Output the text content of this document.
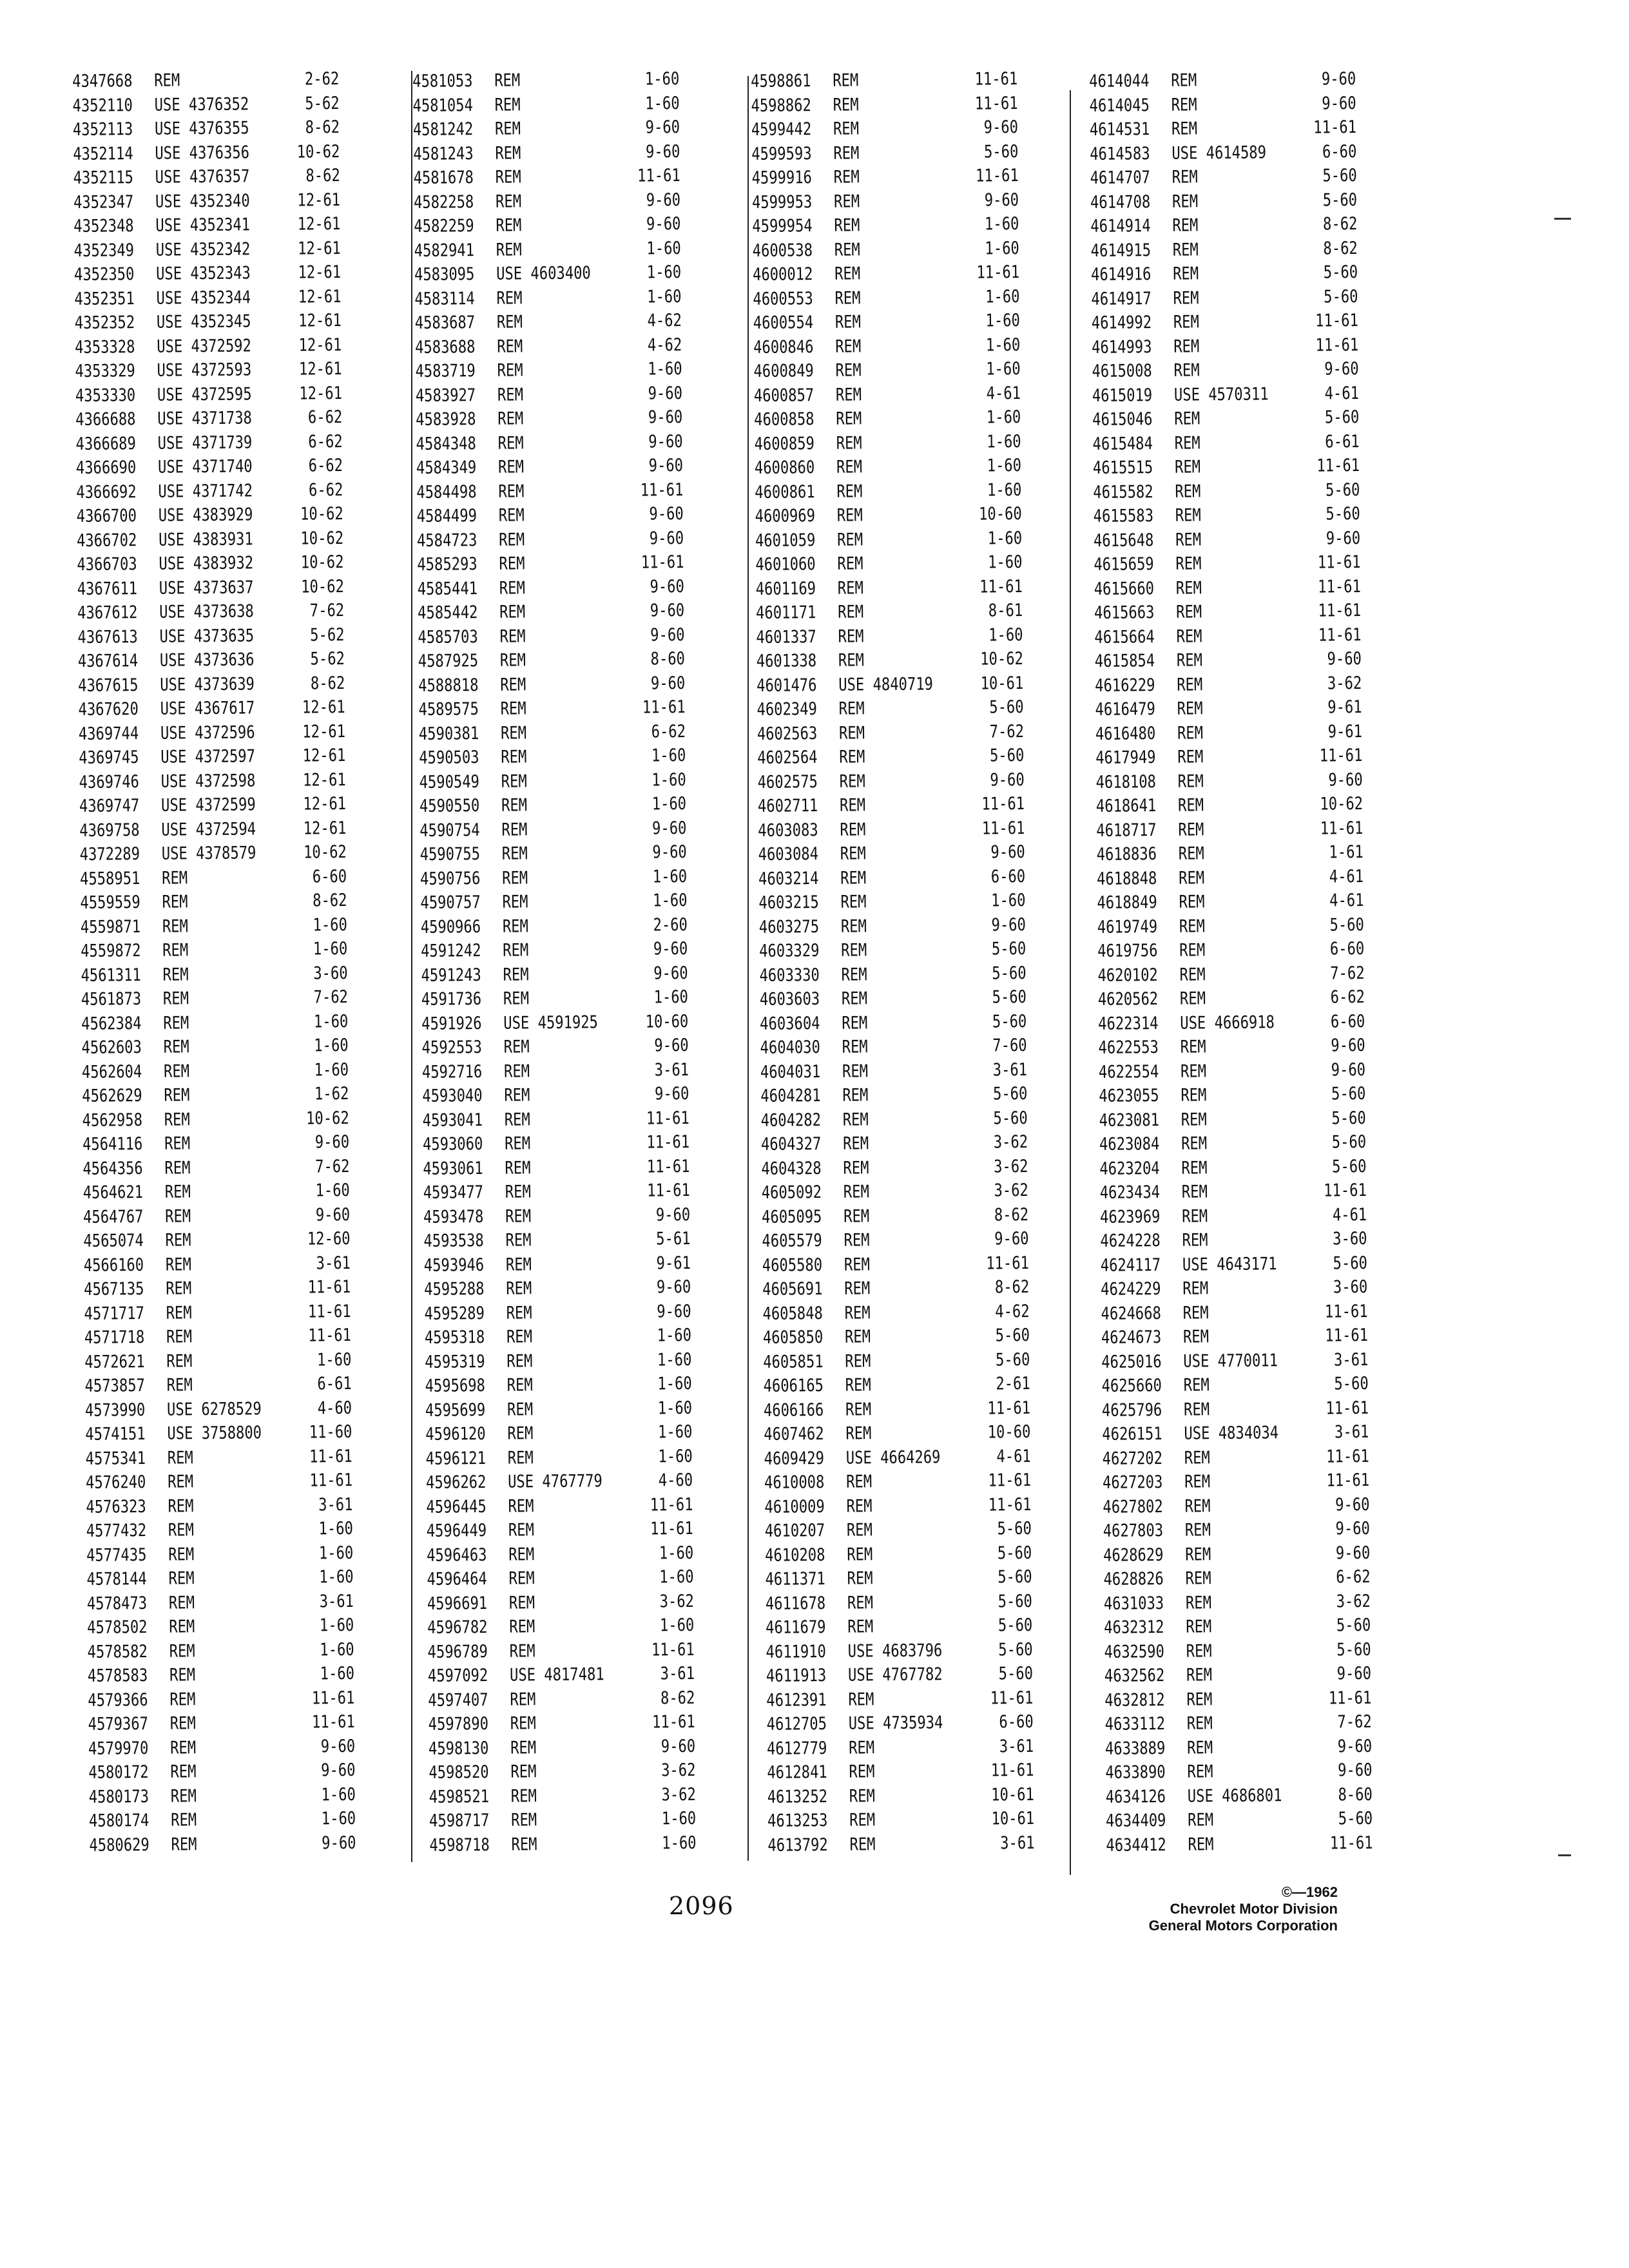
4347668 REM	2-62
4352110 USE 4376352	5-62
4352113 USE 4376355	8-62
4352114 USE 4376356	10-62
4352115 USE 4376357	8-62
4352347 USE 4352340	12-61
4352348 USE 4352341	12-61
4352349 USE 4352342	12-61
4352350 USE 4352343	12-61
4352351 USE 4352344	12-61
4352352 USE 4352345	12-61
4353328 USE 4372592	12-61
4353329 USE 4372593	12-61
4353330 USE 4372595	12-61
4366688 USE 4371738	6-62
4366689 USE 4371739	6-62
4366690 USE 4371740	6-62
4366692 USE 4371742	6-62
4366700 USE 4383929	10-62
4366702 USE 4383931	10-62
4366703 USE 4383932	10-62
4367611 USE 4373637	10-62
4367612 USE 4373638	7-62
4367613 USE 4373635	5-62
4367614 USE 4373636	5-62
4367615 USE 4373639	8-62
4367620 USE 4367617	12-61
4369744 USE 4372596	12-61
4369745 USE 4372597	12-61
4369746 USE 4372598	12-61
4369747 USE 4372599	12-61
4369758 USE 4372594	12-61
4372289 USE 4378579	10-62
4558951 REM	6-60
4559559 REM	8-62
4559871 REM	1-60
4559872 REM	1-60
4561311 REM	3-60
4561873 REM	7-62
4562384 REM	1-60
4562603 REM	1-60
4562604 REM	1-60
4562629 REM	1-62
4562958 REM	10-62
4564116 REM	9-60
4564356 REM	7-62
4564621 REM	1-60
4564767 REM	9-60
4565074 REM	12-60
4566160 REM	3-61
4567135 REM	11-61
4571717 REM	11-61
4571718 REM	11-61
4572621 REM	1-60
4573857 REM	6-61
4573990 USE 6278529	4-60
4574151 USE 3758800	11-60
4575341 REM	11-61
4576240 REM	11-61
4576323 REM	3-61
4577432 REM	1-60
4577435 REM	1-60
4578144 REM	1-60
4578473 REM	3-61
4578502 REM	1-60
4578582 REM	1-60
4578583 REM	1-60
4579366 REM	11-61
4579367 REM	11-61
4579970 REM	9-60
4580172 REM	9-60
4580173 REM	1-60
4580174 REM	1-60
4580629 REM	9-60
4581053 REM	1-60
4581054 REM	1-60
4581242 REM	9-60
4581243 REM	9-60
4581678 REM	11-61
4582258 REM	9-60
4582259 REM	9-60
4582941 REM	1-60
4583095 USE 4603400	1-60
4583114 REM	1-60
4583687 REM	4-62
4583688 REM	4-62
4583719 REM	1-60
4583927 REM	9-60
4583928 REM	9-60
4584348 REM	9-60
4584349 REM	9-60
4584498 REM	11-61
4584499 REM	9-60
4584723 REM	9-60
4585293 REM	11-61
4585441 REM	9-60
4585442 REM	9-60
4585703 REM	9-60
4587925 REM	8-60
4588818 REM	9-60
4589575 REM	11-61
4590381 REM	6-62
4590503 REM	1-60
4590549 REM	1-60
4590550 REM	1-60
4590754 REM	9-60
4590755 REM	9-60
4590756 REM	1-60
4590757 REM	1-60
4590966 REM	2-60
4591242 REM	9-60
4591243 REM	9-60
4591736 REM	1-60
4591926 USE 4591925	10-60
4592553 REM	9-60
4592716 REM	3-61
4593040 REM	9-60
4593041 REM	11-61
4593060 REM	11-61
4593061 REM	11-61
4593477 REM	11-61
4593478 REM	9-60
4593538 REM	5-61
4593946 REM	9-61
4595288 REM	9-60
4595289 REM	9-60
4595318 REM	1-60
4595319 REM	1-60
4595698 REM	1-60
4595699 REM	1-60
4596120 REM	1-60
4596121 REM	1-60
4596262 USE 4767779	4-60
4596445 REM	11-61
4596449 REM	11-61
4596463 REM	1-60
4596464 REM	1-60
4596691 REM	3-62
4596782 REM	1-60
4596789 REM	11-61
4597092 USE 4817481	3-61
4597407 REM	8-62
4597890 REM	11-61
4598130 REM	9-60
4598520 REM	3-62
4598521 REM	3-62
4598717 REM	1-60
4598718 REM	1-60
4598861 REM	11-61
4598862 REM	11-61
4599442 REM	9-60
4599593 REM	5-60
4599916 REM	11-61
4599953 REM	9-60
4599954 REM	1-60
4600538 REM	1-60
4600012 REM	11-61
4600553 REM	1-60
4600554 REM	1-60
4600846 REM	1-60
4600849 REM	1-60
4600857 REM	4-61
4600858 REM	1-60
4600859 REM	1-60
4600860 REM	1-60
4600861 REM	1-60
4600969 REM	10-60
4601059 REM	1-60
4601060 REM	1-60
4601169 REM	11-61
4601171 REM	8-61
4601337 REM	1-60
4601338 REM	10-62
4601476 USE 4840719	10-61
4602349 REM	5-60
4602563 REM	7-62
4602564 REM	5-60
4602575 REM	9-60
4602711 REM	11-61
4603083 REM	11-61
4603084 REM	9-60
4603214 REM	6-60
4603215 REM	1-60
4603275 REM	9-60
4603329 REM	5-60
4603330 REM	5-60
4603603 REM	5-60
4603604 REM	5-60
4604030 REM	7-60
4604031 REM	3-61
4604281 REM	5-60
4604282 REM	5-60
4604327 REM	3-62
4604328 REM	3-62
4605092 REM	3-62
4605095 REM	8-62
4605579 REM	9-60
4605580 REM	11-61
4605691 REM	8-62
4605848 REM	4-62
4605850 REM	5-60
4605851 REM	5-60
4606165 REM	2-61
4606166 REM	11-61
4607462 REM	10-60
4609429 USE 4664269	4-61
4610008 REM	11-61
4610009 REM	11-61
4610207 REM	5-60
4610208 REM	5-60
4611371 REM	5-60
4611678 REM	5-60
4611679 REM	5-60
4611910 USE 4683796	5-60
4611913 USE 4767782	5-60
4612391 REM	11-61
4612705 USE 4735934	6-60
4612779 REM	3-61
4612841 REM	11-61
4613252 REM	10-61
4613253 REM	10-61
4613792 REM	3-61
4614044 REM	9-60
4614045 REM	9-60
4614531 REM	11-61
4614583 USE 4614589	6-60
4614707 REM	5-60
4614708 REM	5-60
4614914 REM	8-62
4614915 REM	8-62
4614916 REM	5-60
4614917 REM	5-60
4614992 REM	11-61
4614993 REM	11-61
4615008 REM	9-60
4615019 USE 4570311	4-61
4615046 REM	5-60
4615484 REM	6-61
4615515 REM	11-61
4615582 REM	5-60
4615583 REM	5-60
4615648 REM	9-60
4615659 REM	11-61
4615660 REM	11-61
4615663 REM	11-61
4615664 REM	11-61
4615854 REM	9-60
4616229 REM	3-62
4616479 REM	9-61
4616480 REM	9-61
4617949 REM	11-61
4618108 REM	9-60
4618641 REM	10-62
4618717 REM	11-61
4618836 REM	1-61
4618848 REM	4-61
4618849 REM	4-61
4619749 REM	5-60
4619756 REM	6-60
4620102 REM	7-62
4620562 REM	6-62
4622314 USE 4666918	6-60
4622553 REM	9-60
4622554 REM	9-60
4623055 REM	5-60
4623081 REM	5-60
4623084 REM	5-60
4623204 REM	5-60
4623434 REM	11-61
4623969 REM	4-61
4624228 REM	3-60
4624117 USE 4643171	5-60
4624229 REM	3-60
4624668 REM	11-61
4624673 REM	11-61
4625016 USE 4770011	3-61
4625660 REM	5-60
4625796 REM	11-61
4626151 USE 4834034	3-61
4627202 REM	11-61
4627203 REM	11-61
4627802 REM	9-60
4627803 REM	9-60
4628629 REM	9-60
4628826 REM	6-62
4631033 REM	3-62
4632312 REM	5-60
4632590 REM	5-60
4632562 REM	9-60
4632812 REM	11-61
4633112 REM	7-62
4633889 REM	9-60
4633890 REM	9-60
4634126 USE 4686801	8-60
4634409 REM	5-60
4634412 REM	11-61
2096	©—1962
Chevrolet Motor Division
General Motors Corporation
